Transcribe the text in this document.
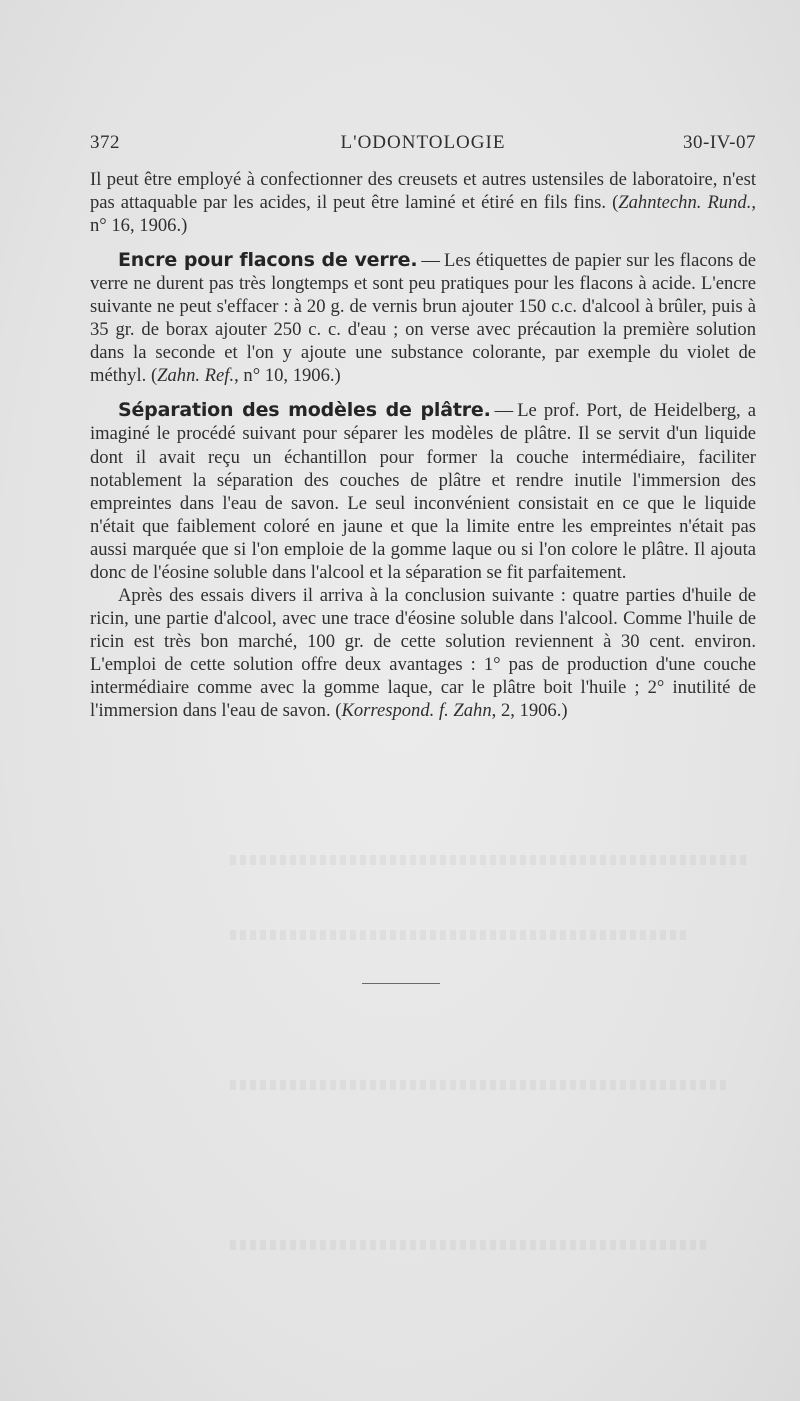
372	L'ODONTOLOGIE	30-IV-07

Il peut être employé à confectionner des creusets et autres ustensiles de laboratoire, n'est pas attaquable par les acides, il peut être laminé et étiré en fils fins. (Zahntechn. Rund., n° 16, 1906.)

Encre pour flacons de verre. — Les étiquettes de papier sur les flacons de verre ne durent pas très longtemps et sont peu pratiques pour les flacons à acide. L'encre suivante ne peut s'effacer : à 20 g. de vernis brun ajouter 150 c.c. d'alcool à brûler, puis à 35 gr. de borax ajouter 250 c. c. d'eau ; on verse avec précaution la première solution dans la seconde et l'on y ajoute une substance colorante, par exemple du violet de méthyl. (Zahn. Ref., n° 10, 1906.)

Séparation des modèles de plâtre. — Le prof. Port, de Heidelberg, a imaginé le procédé suivant pour séparer les modèles de plâtre. Il se servit d'un liquide dont il avait reçu un échantillon pour former la couche intermédiaire, faciliter notablement la séparation des couches de plâtre et rendre inutile l'immersion des empreintes dans l'eau de savon. Le seul inconvénient consistait en ce que le liquide n'était que faiblement coloré en jaune et que la limite entre les empreintes n'était pas aussi marquée que si l'on emploie de la gomme laque ou si l'on colore le plâtre. Il ajouta donc de l'éosine soluble dans l'alcool et la séparation se fit parfaitement.

Après des essais divers il arriva à la conclusion suivante : quatre parties d'huile de ricin, une partie d'alcool, avec une trace d'éosine soluble dans l'alcool. Comme l'huile de ricin est très bon marché, 100 gr. de cette solution reviennent à 30 cent. environ. L'emploi de cette solution offre deux avantages : 1° pas de production d'une couche intermédiaire comme avec la gomme laque, car le plâtre boit l'huile ; 2° inutilité de l'immersion dans l'eau de savon. (Korrespond. f. Zahn, 2, 1906.)
